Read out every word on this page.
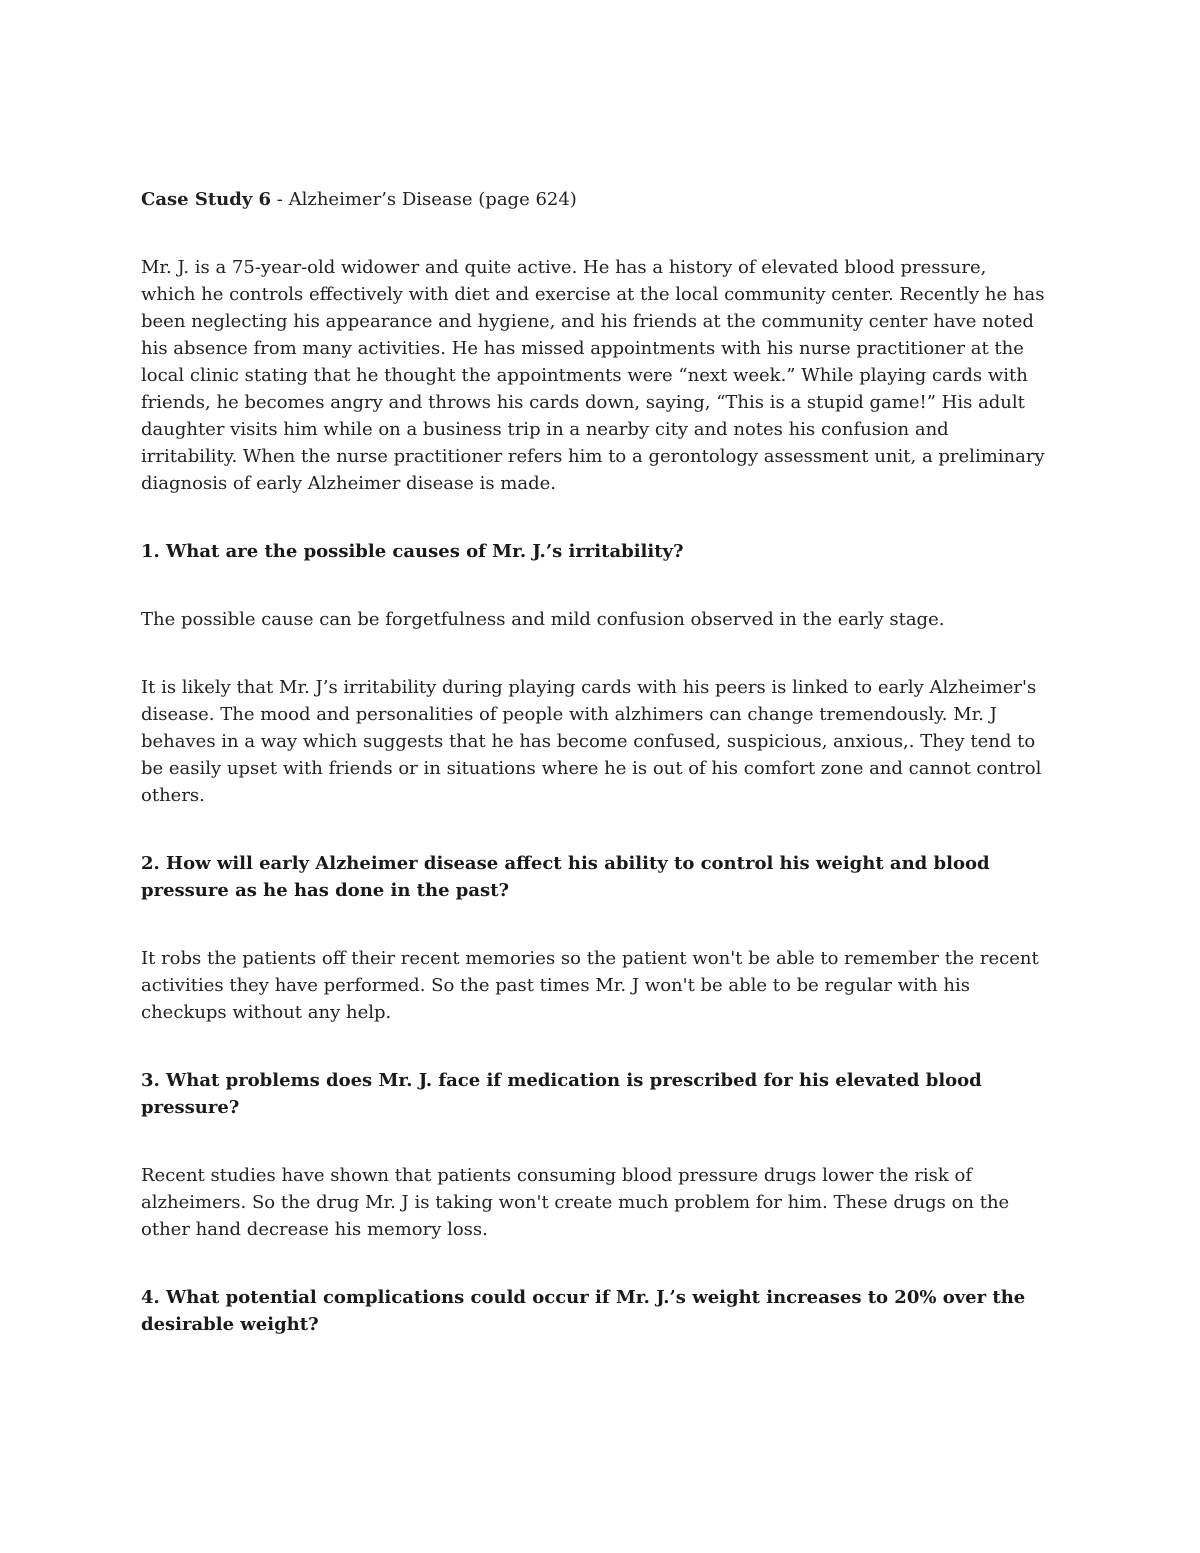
Case Study 6 - Alzheimer’s Disease (page 624)

Mr. J. is a 75-year-old widower and quite active. He has a history of elevated blood pressure, which he controls effectively with diet and exercise at the local community center. Recently he has been neglecting his appearance and hygiene, and his friends at the community center have noted his absence from many activities. He has missed appointments with his nurse practitioner at the local clinic stating that he thought the appointments were “next week.” While playing cards with friends, he becomes angry and throws his cards down, saying, “This is a stupid game!” His adult daughter visits him while on a business trip in a nearby city and notes his confusion and irritability. When the nurse practitioner refers him to a gerontology assessment unit, a preliminary diagnosis of early Alzheimer disease is made.

1. What are the possible causes of Mr. J.’s irritability?

The possible cause can be forgetfulness and mild confusion observed in the early stage.

It is likely that Mr. J’s irritability during playing cards with his peers is linked to early Alzheimer's disease. The mood and personalities of people with alzhimers can change tremendously. Mr. J behaves in a way which suggests that he has become confused, suspicious, anxious,. They tend to be easily upset with friends or in situations where he is out of his comfort zone and cannot control others.

2. How will early Alzheimer disease affect his ability to control his weight and blood pressure as he has done in the past?

It robs the patients off their recent memories so the patient won't be able to remember the recent activities they have performed. So the past times Mr. J won't be able to be regular with his checkups without any help.

3. What problems does Mr. J. face if medication is prescribed for his elevated blood pressure?

Recent studies have shown that patients consuming blood pressure drugs lower the risk of alzheimers. So the drug Mr. J is taking won't create much problem for him. These drugs on the other hand decrease his memory loss.

4. What potential complications could occur if Mr. J.’s weight increases to 20% over the desirable weight?
